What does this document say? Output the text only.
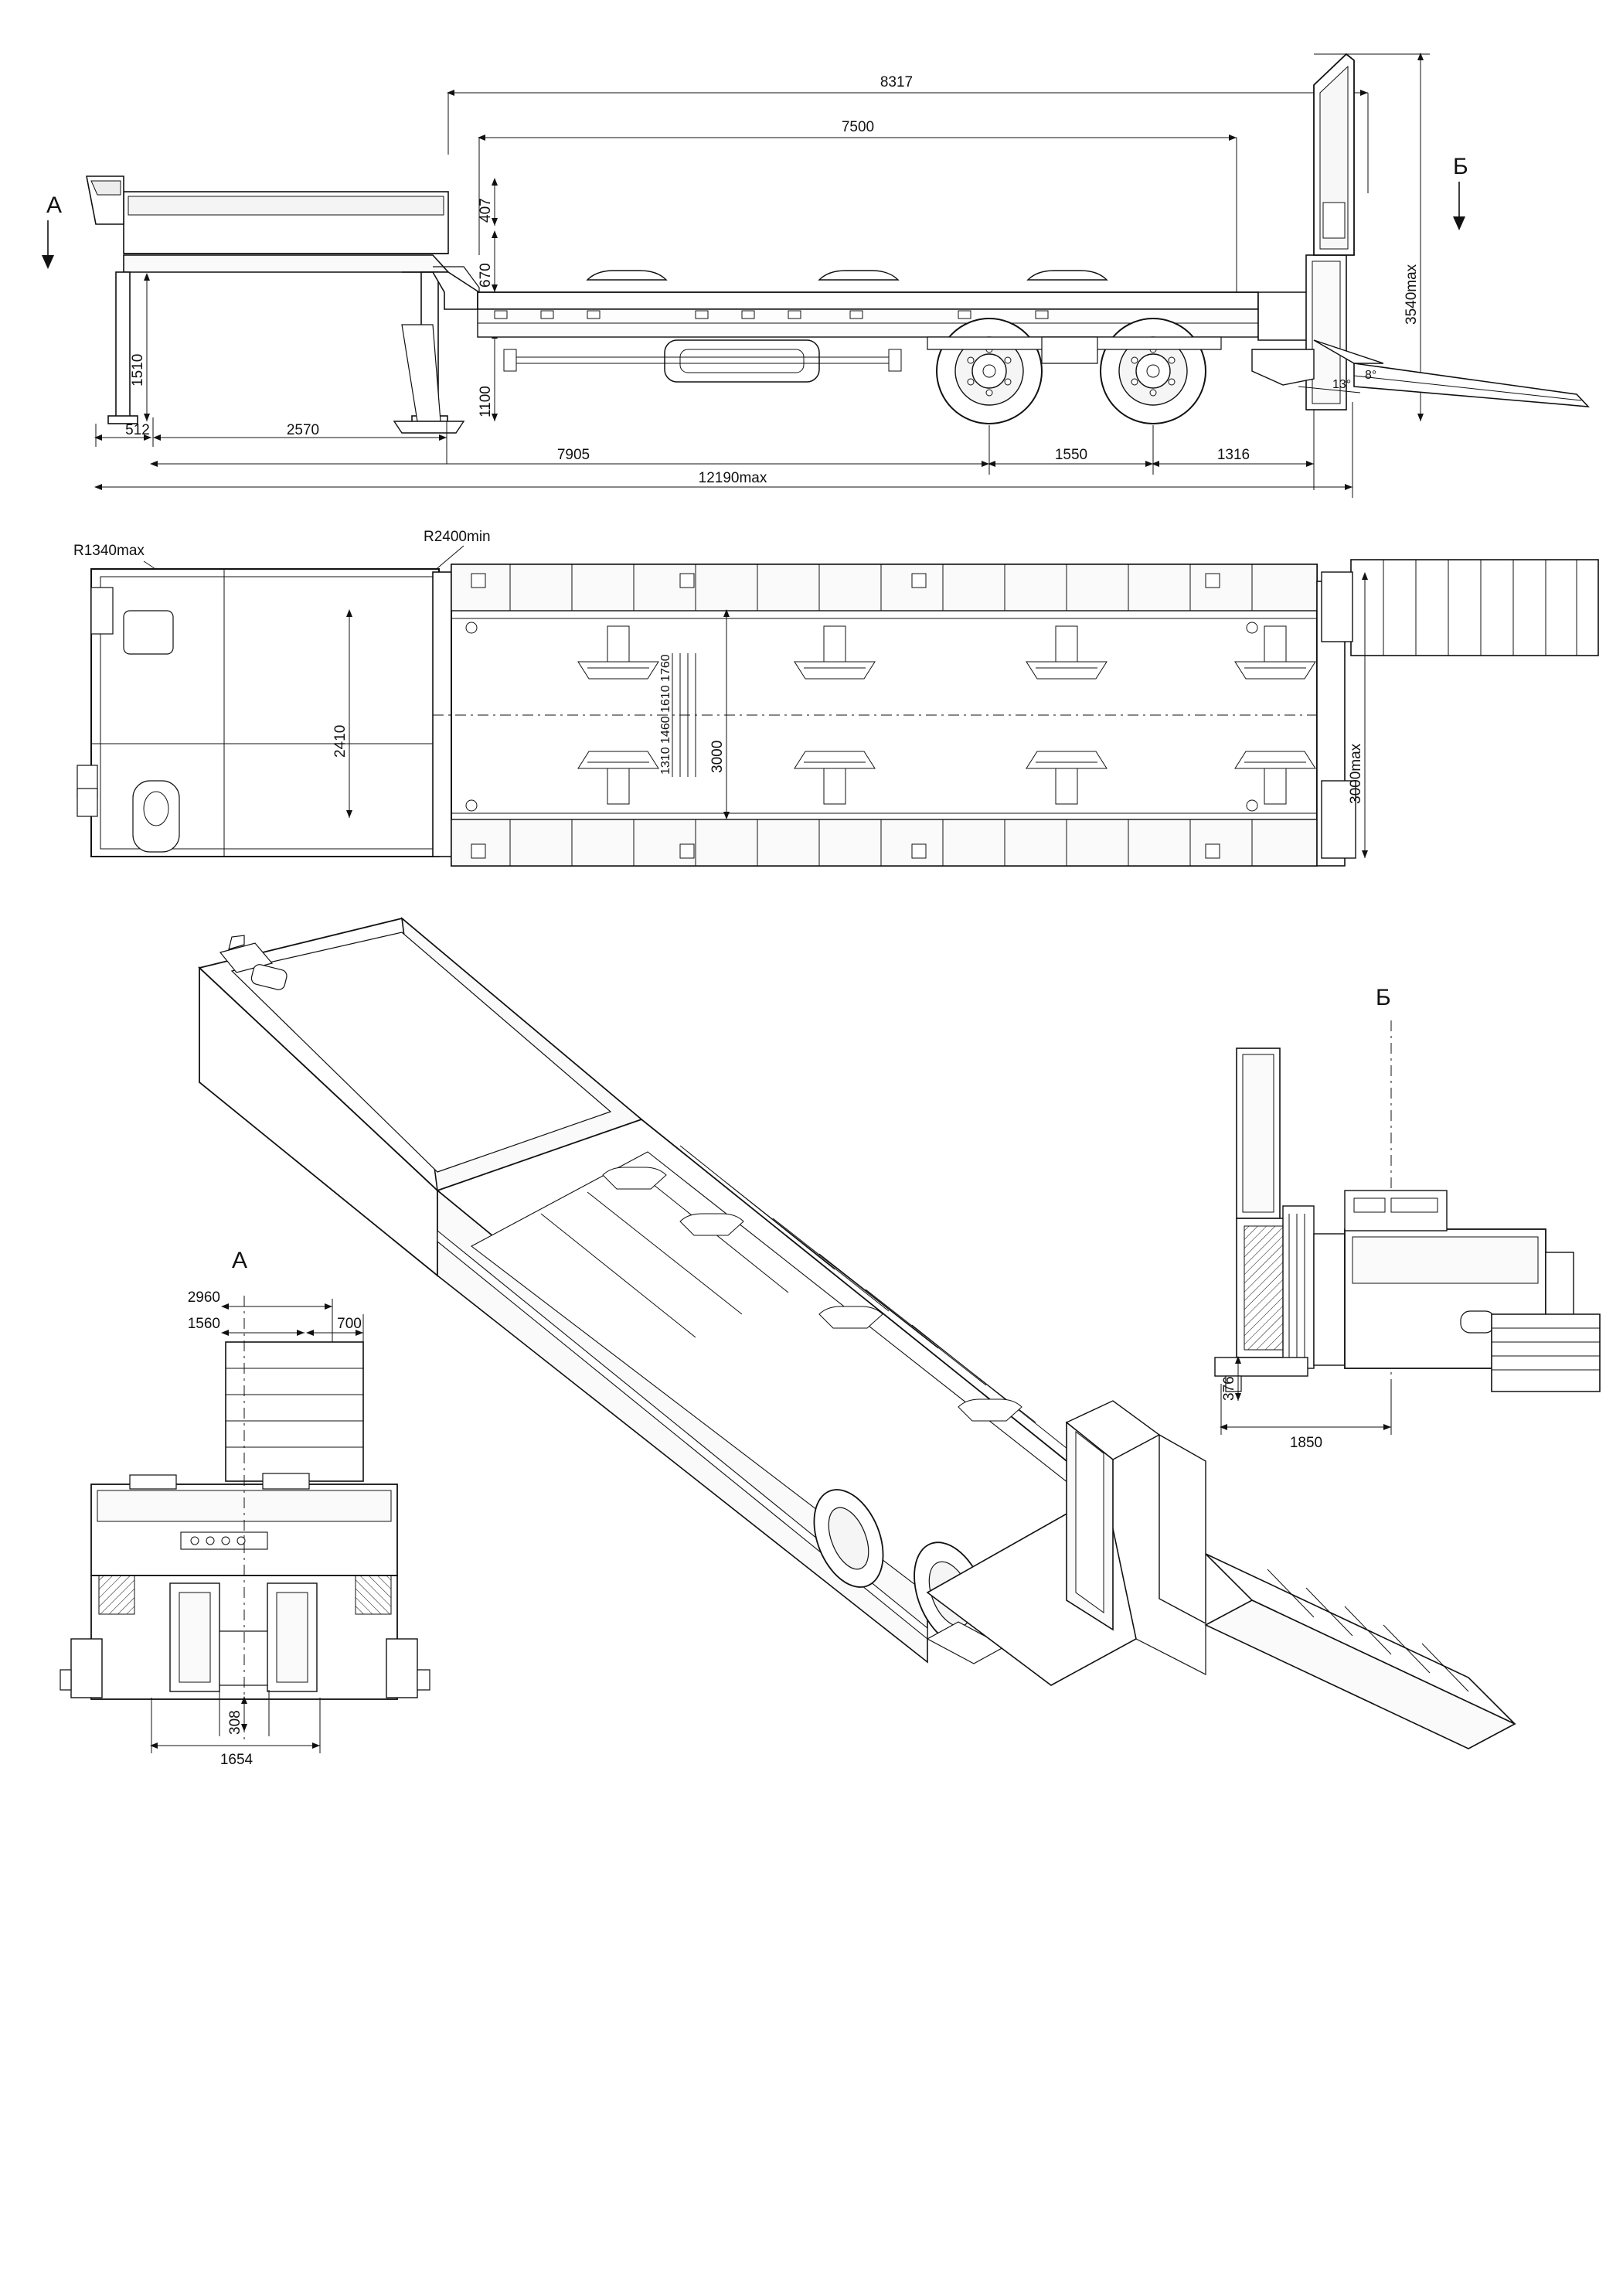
A
Б
8317
7500
407
670
1510
1100
3540max
13°
8°
512	2570
7905	1550	1316
12190max
R1340max
R2400min
2410	1310 1460 1610 1760	3000	3000max
A
2960
1560	700
308
1654
Б
376
1850
